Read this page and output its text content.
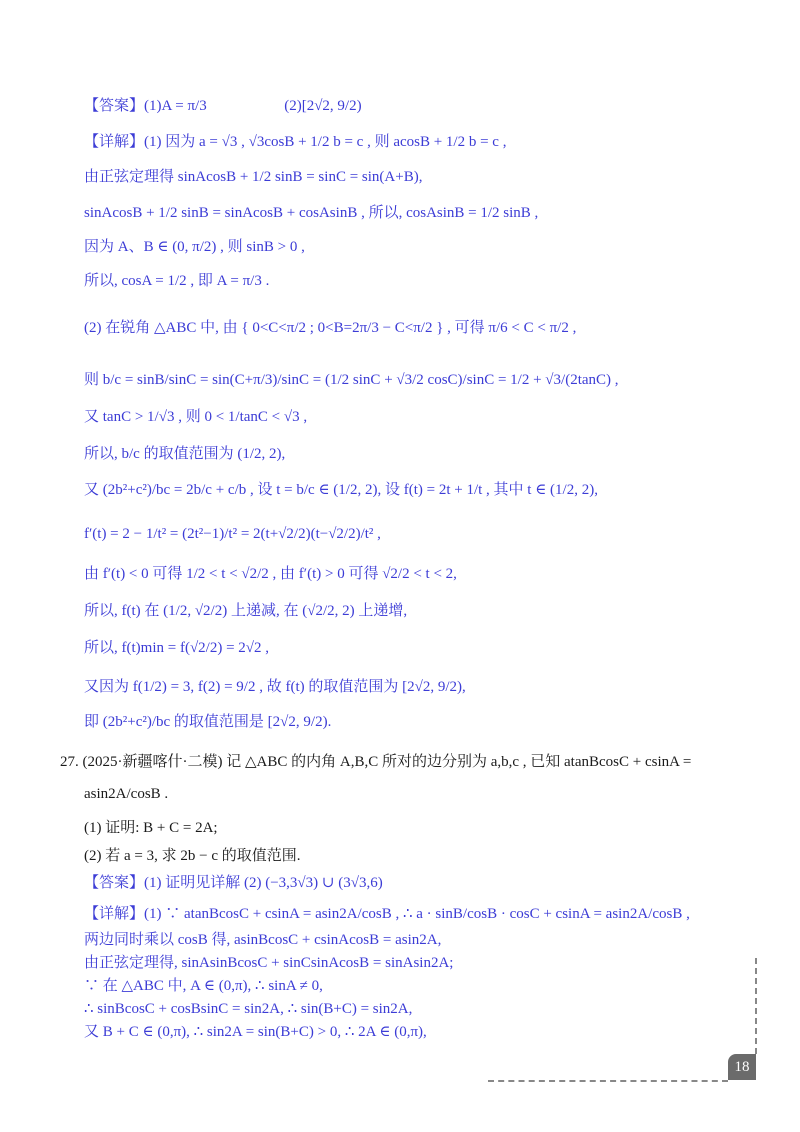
【答案】(1)A = π/3	(2)[2√2, 9/2)
【详解】(1) 因为 a = √3 , √3cosB + 1/2 b = c , 则 acosB + 1/2 b = c ,
由正弦定理得 sinAcosB + 1/2 sinB = sinC = sin(A+B),
sinAcosB + 1/2 sinB = sinAcosB + cosAsinB , 所以, cosAsinB = 1/2 sinB ,
因为 A、B ∈ (0, π/2) , 则 sinB > 0 ,
所以, cosA = 1/2 , 即 A = π/3 .
(2) 在锐角 △ABC 中, 由 { 0<C<π/2 ; 0<B=2π/3 − C<π/2 } , 可得 π/6 < C < π/2 ,
则 b/c = sinB/sinC = sin(C+π/3)/sinC = (1/2 sinC + √3/2 cosC)/sinC = 1/2 + √3/(2tanC) ,
又 tanC > 1/√3 , 则 0 < 1/tanC < √3 ,
所以, b/c 的取值范围为 (1/2, 2),
又 (2b²+c²)/bc = 2b/c + c/b , 设 t = b/c ∈ (1/2, 2), 设 f(t) = 2t + 1/t , 其中 t ∈ (1/2, 2),
f′(t) = 2 − 1/t² = (2t²−1)/t² = 2(t+√2/2)(t−√2/2)/t² ,
由 f′(t) < 0 可得 1/2 < t < √2/2 , 由 f′(t) > 0 可得 √2/2 < t < 2,
所以, f(t) 在 (1/2, √2/2) 上递减, 在 (√2/2, 2) 上递增,
所以, f(t)min = f(√2/2) = 2√2 ,
又因为 f(1/2) = 3, f(2) = 9/2 , 故 f(t) 的取值范围为 [2√2, 9/2),
即 (2b²+c²)/bc 的取值范围是 [2√2, 9/2).
27. (2025·新疆喀什·二模) 记 △ABC 的内角 A,B,C 所对的边分别为 a,b,c , 已知 atanBcosC + csinA =
asin2A/cosB .
(1) 证明: B + C = 2A;
(2) 若 a = 3, 求 2b − c 的取值范围.
【答案】(1) 证明见详解 (2) (−3,3√3) ∪ (3√3,6)
【详解】(1) ∵ atanBcosC + csinA = asin2A/cosB , ∴ a · sinB/cosB · cosC + csinA = asin2A/cosB ,
两边同时乘以 cosB 得, asinBcosC + csinAcosB = asin2A,
由正弦定理得, sinAsinBcosC + sinCsinAcosB = sinAsin2A;
∵ 在 △ABC 中, A ∈ (0,π), ∴ sinA ≠ 0,
∴ sinBcosC + cosBsinC = sin2A, ∴ sin(B+C) = sin2A,
又 B + C ∈ (0,π), ∴ sin2A = sin(B+C) > 0, ∴ 2A ∈ (0,π),
18
